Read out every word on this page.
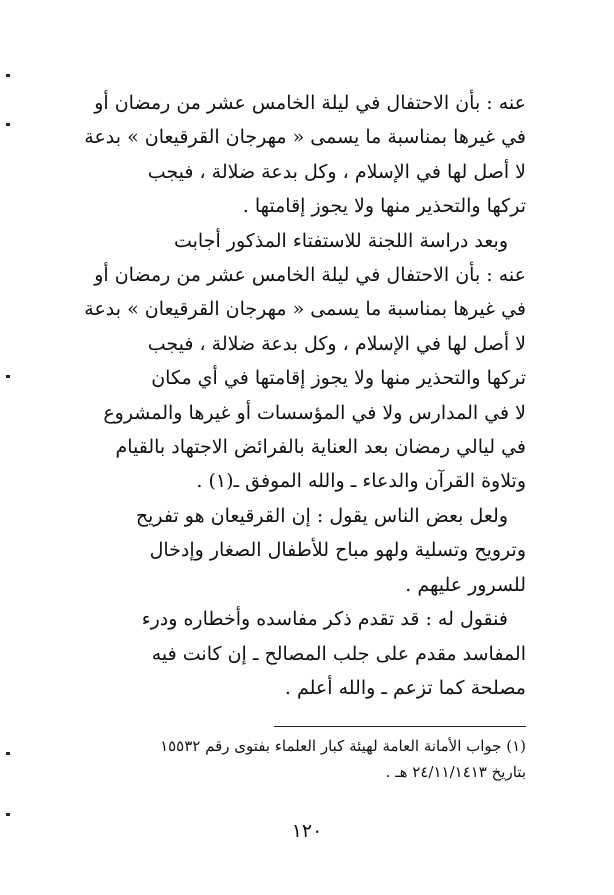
عنه : بأن الاحتفال في ليلة الخامس عشر من رمضان أو
في غيرها بمناسبة ما يسمى « مهرجان القرقيعان » بدعة
لا أصل لها في الإسلام ، وكل بدعة ضلالة ، فيجب
تركها والتحذير منها ولا يجوز إقامتها .
وبعد دراسة اللجنة للاستفتاء المذكور أجابت
عنه : بأن الاحتفال في ليلة الخامس عشر من رمضان أو
في غيرها بمناسبة ما يسمى « مهرجان القرقيعان » بدعة
لا أصل لها في الإسلام ، وكل بدعة ضلالة ، فيجب
تركها والتحذير منها ولا يجوز إقامتها في أي مكان
لا في المدارس ولا في المؤسسات أو غيرها والمشروع
في ليالي رمضان بعد العناية بالفرائض الاجتهاد بالقيام
وتلاوة القرآن والدعاء ـ والله الموفق ـ(١) .
ولعل بعض الناس يقول : إن القرقيعان هو تفريح
وترويح وتسلية ولهو مباح للأطفال الصغار وإدخال
للسرور عليهم .
فنقول له : قد تقدم ذكر مفاسده وأخطاره ودرء
المفاسد مقدم على جلب المصالح ـ إن كانت فيه
مصلحة كما تزعم ـ والله أعلم .
(١) جواب الأمانة العامة لهيئة كبار العلماء بفتوى رقم ١٥٥٣٢
بتاريخ ٢٤/١١/١٤١٣ هـ .
١٢٠
